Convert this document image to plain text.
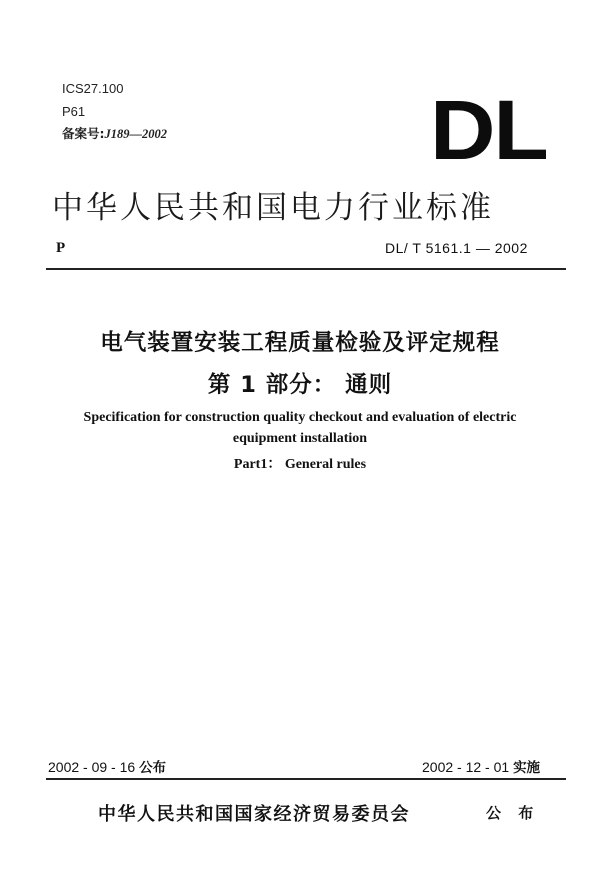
ICS27.100
P61
备案号:J189—2002	DL
中华人民共和国电力行业标准
P	DL/ T 5161.1 — 2002
电气装置安装工程质量检验及评定规程
第 1 部分： 通则
Specification for construction quality checkout and evaluation of electric
equipment installation
Part1： General rules
2002 - 09 - 16 公布	2002 - 12 - 01 实施
中华人民共和国国家经济贸易委员会	公 布
